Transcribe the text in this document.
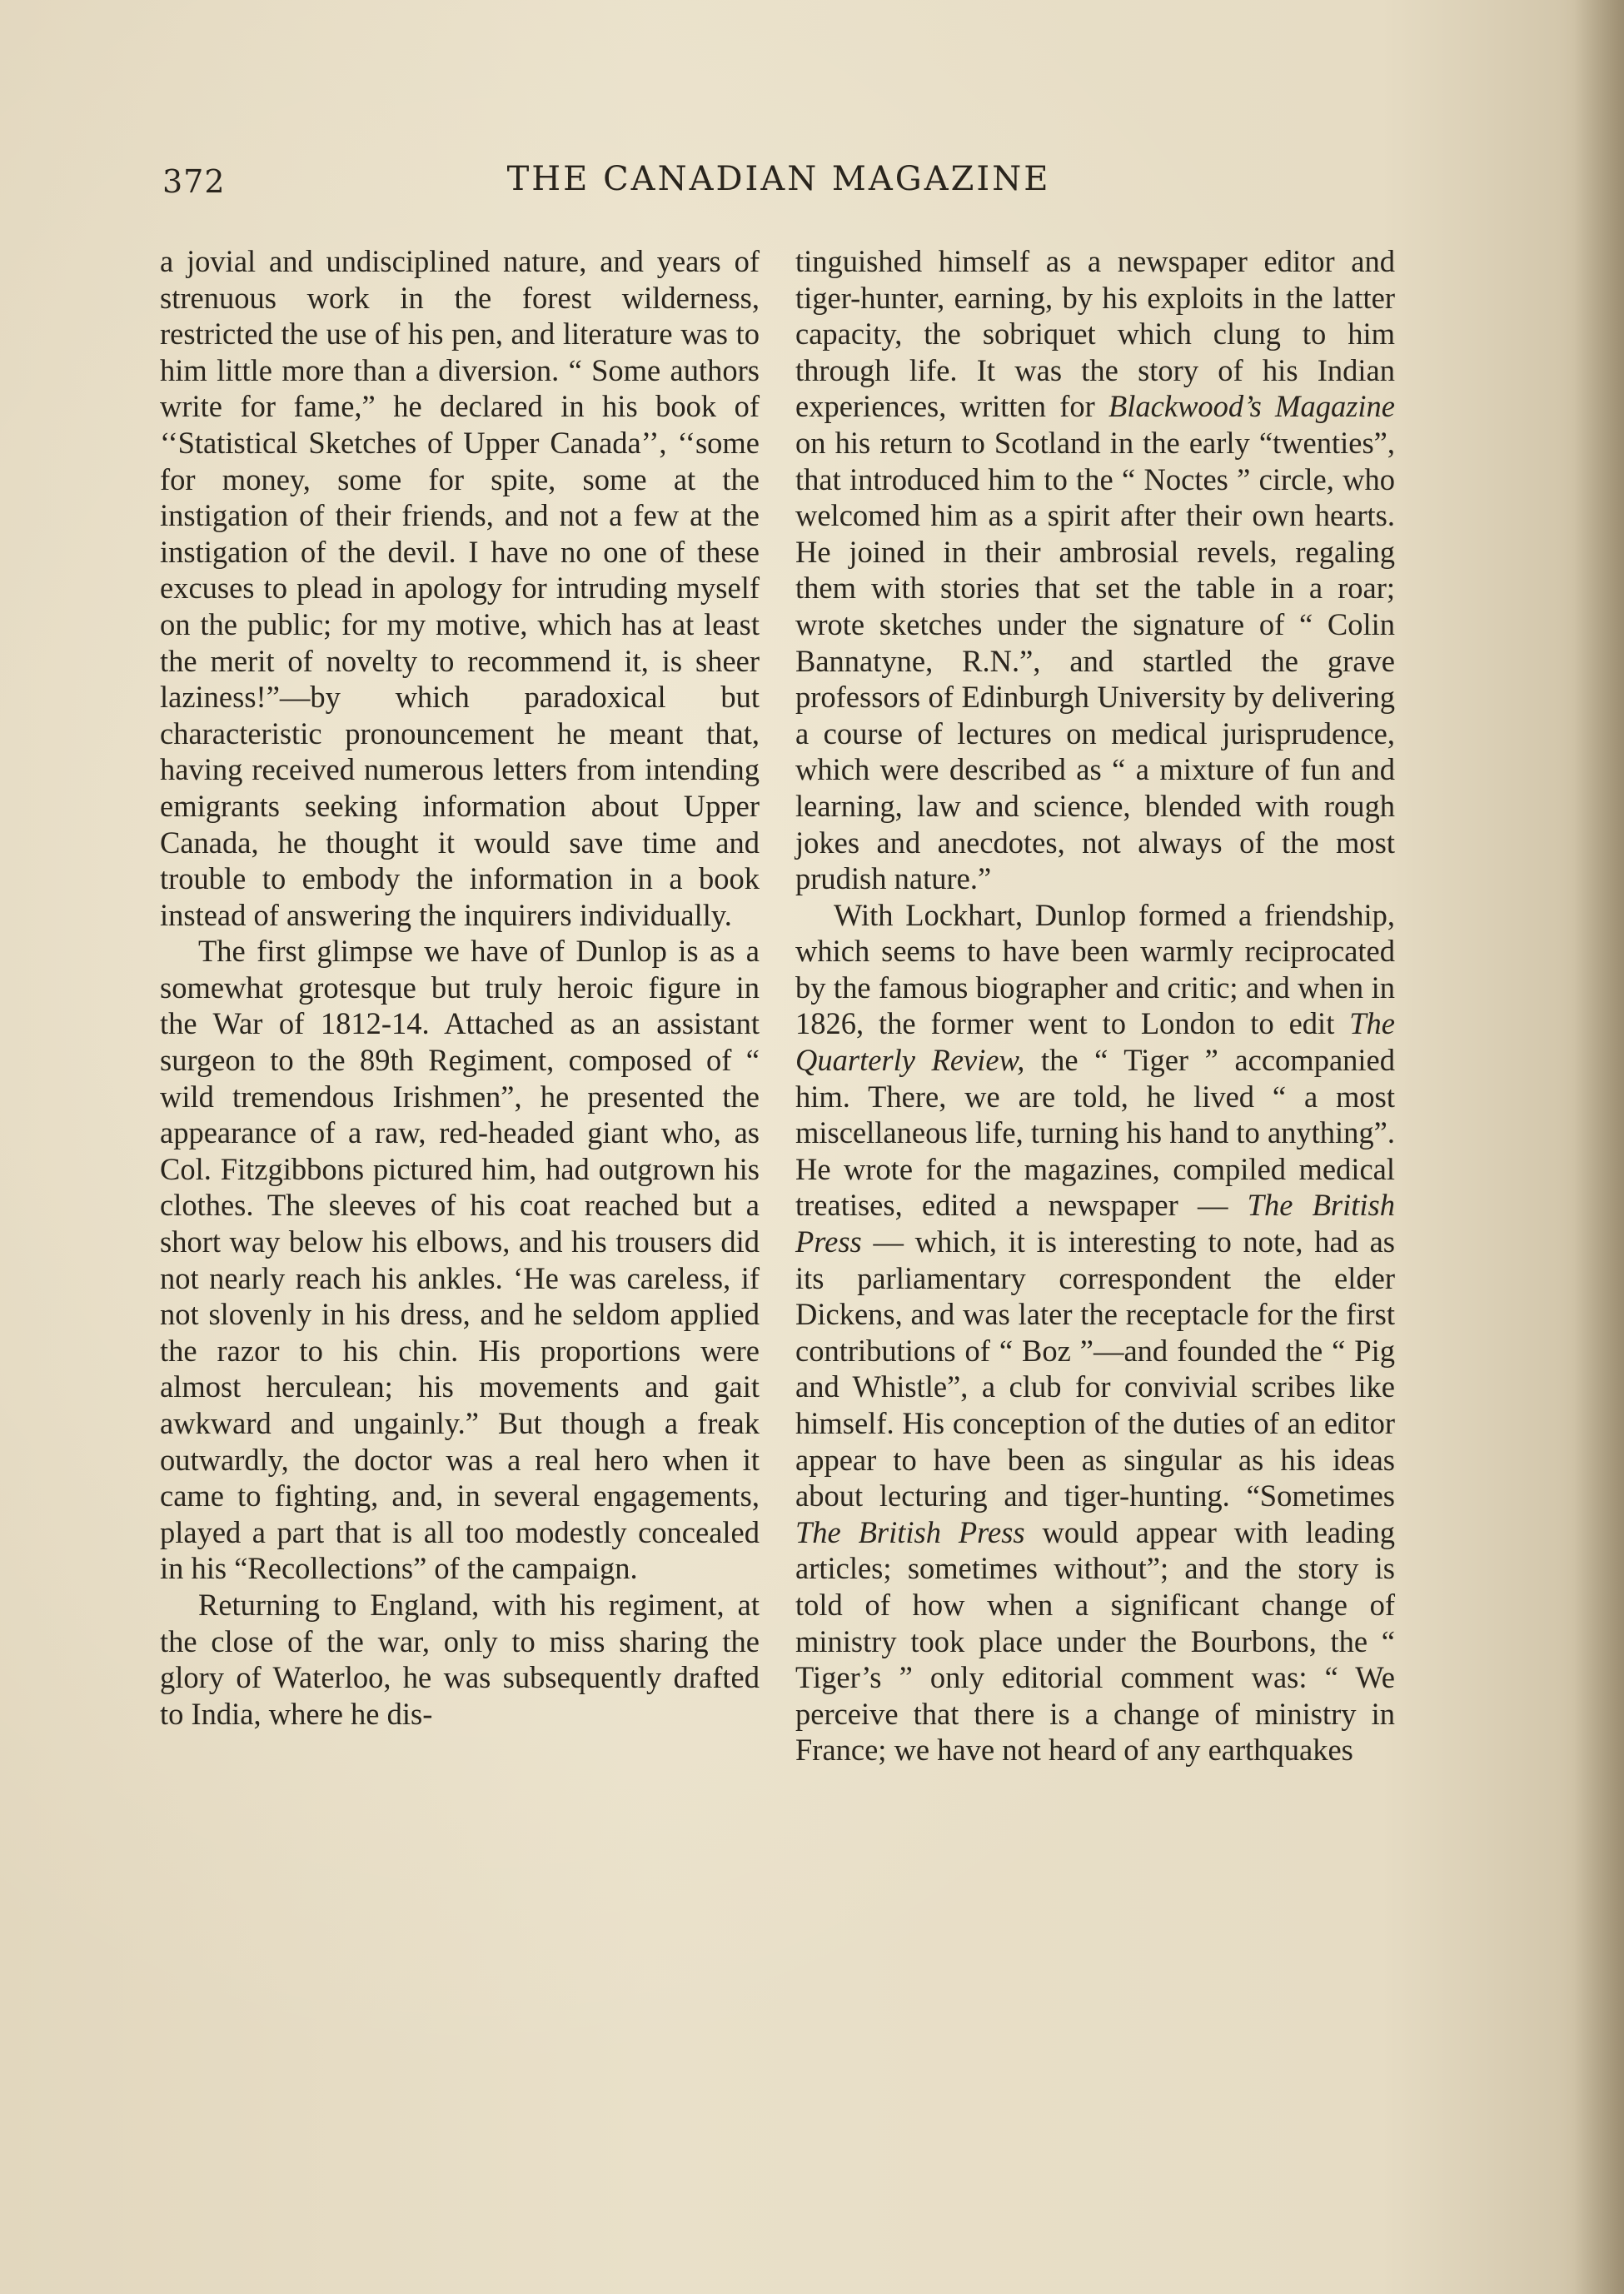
372	THE CANADIAN MAGAZINE

a jovial and undisciplined nature, and years of strenuous work in the forest wilderness, restricted the use of his pen, and literature was to him little more than a diversion. “ Some authors write for fame,” he declared in his book of ‘‘Statistical Sketches of Upper Canada’’, ‘‘some for money, some for spite, some at the instigation of their friends, and not a few at the instigation of the devil. I have no one of these excuses to plead in apology for intruding myself on the public; for my motive, which has at least the merit of novelty to recommend it, is sheer laziness!”—by which paradoxical but characteristic pronouncement he meant that, having received numerous letters from intending emigrants seeking information about Upper Canada, he thought it would save time and trouble to embody the information in a book instead of answering the inquirers individually.

The first glimpse we have of Dunlop is as a somewhat grotesque but truly heroic figure in the War of 1812-14. Attached as an assistant surgeon to the 89th Regiment, composed of “ wild tremendous Irishmen”, he presented the appearance of a raw, red-headed giant who, as Col. Fitzgibbons pictured him, had outgrown his clothes. The sleeves of his coat reached but a short way below his elbows, and his trousers did not nearly reach his ankles. ‘He was careless, if not slovenly in his dress, and he seldom applied the razor to his chin. His proportions were almost herculean; his movements and gait awkward and ungainly.” But though a freak outwardly, the doctor was a real hero when it came to fighting, and, in several engagements, played a part that is all too modestly concealed in his “Recollections” of the campaign.

Returning to England, with his regiment, at the close of the war, only to miss sharing the glory of Waterloo, he was subsequently drafted to India, where he dis-

tinguished himself as a newspaper editor and tiger-hunter, earning, by his exploits in the latter capacity, the sobriquet which clung to him through life. It was the story of his Indian experiences, written for Blackwood’s Magazine on his return to Scotland in the early “twenties”, that introduced him to the “ Noctes ” circle, who welcomed him as a spirit after their own hearts. He joined in their ambrosial revels, regaling them with stories that set the table in a roar; wrote sketches under the signature of “ Colin Bannatyne, R.N.”, and startled the grave professors of Edinburgh University by delivering a course of lectures on medical jurisprudence, which were described as “ a mixture of fun and learning, law and science, blended with rough jokes and anecdotes, not always of the most prudish nature.”

With Lockhart, Dunlop formed a friendship, which seems to have been warmly reciprocated by the famous biographer and critic; and when in 1826, the former went to London to edit The Quarterly Review, the “ Tiger ” accompanied him. There, we are told, he lived “ a most miscellaneous life, turning his hand to anything”. He wrote for the magazines, compiled medical treatises, edited a newspaper — The British Press — which, it is interesting to note, had as its parliamentary correspondent the elder Dickens, and was later the receptacle for the first contributions of “ Boz ”—and founded the “ Pig and Whistle”, a club for convivial scribes like himself. His conception of the duties of an editor appear to have been as singular as his ideas about lecturing and tiger-hunting. “Sometimes The British Press would appear with leading articles; sometimes without”; and the story is told of how when a significant change of ministry took place under the Bourbons, the “ Tiger’s ” only editorial comment was: “ We perceive that there is a change of ministry in France; we have not heard of any earthquakes
